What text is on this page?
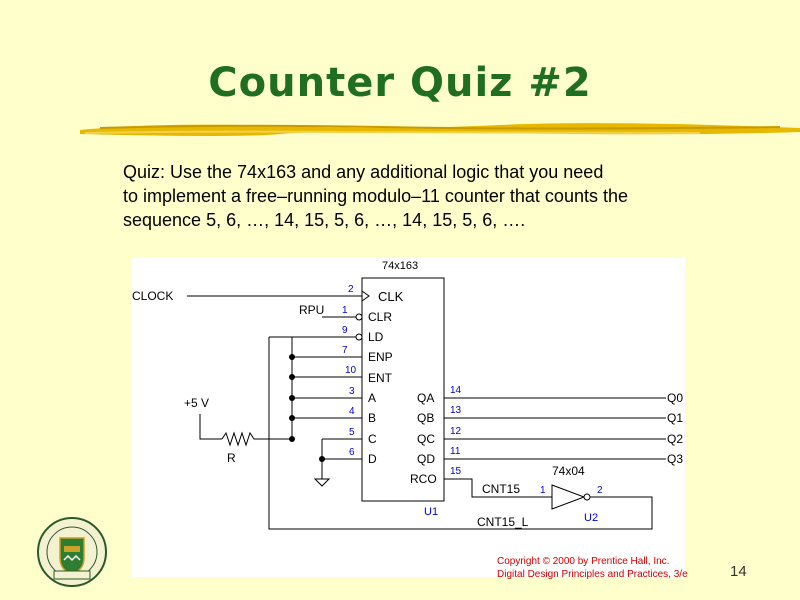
Counter Quiz #2
Quiz: Use the 74x163 and any additional logic that you need
to implement a free–running modulo–11 counter that counts the
sequence 5, 6, …, 14, 15, 5, 6, …, 14, 15, 5, 6, ….
74x163
U1
CLOCK
RPU
+5 V
R
2 CLK
1 CLR
9 LD
7 ENP
10
ENT
3 A
4 B
5 C
6 D
QA
14
Q0
QB
13
Q1
QC
12
Q2
QD
11
Q3
RCO
15
CNT15
CNT15_L
74x04
1	2
U2
Copyright © 2000 by Prentice Hall, Inc.
Digital Design Principles and Practices, 3/e	14
